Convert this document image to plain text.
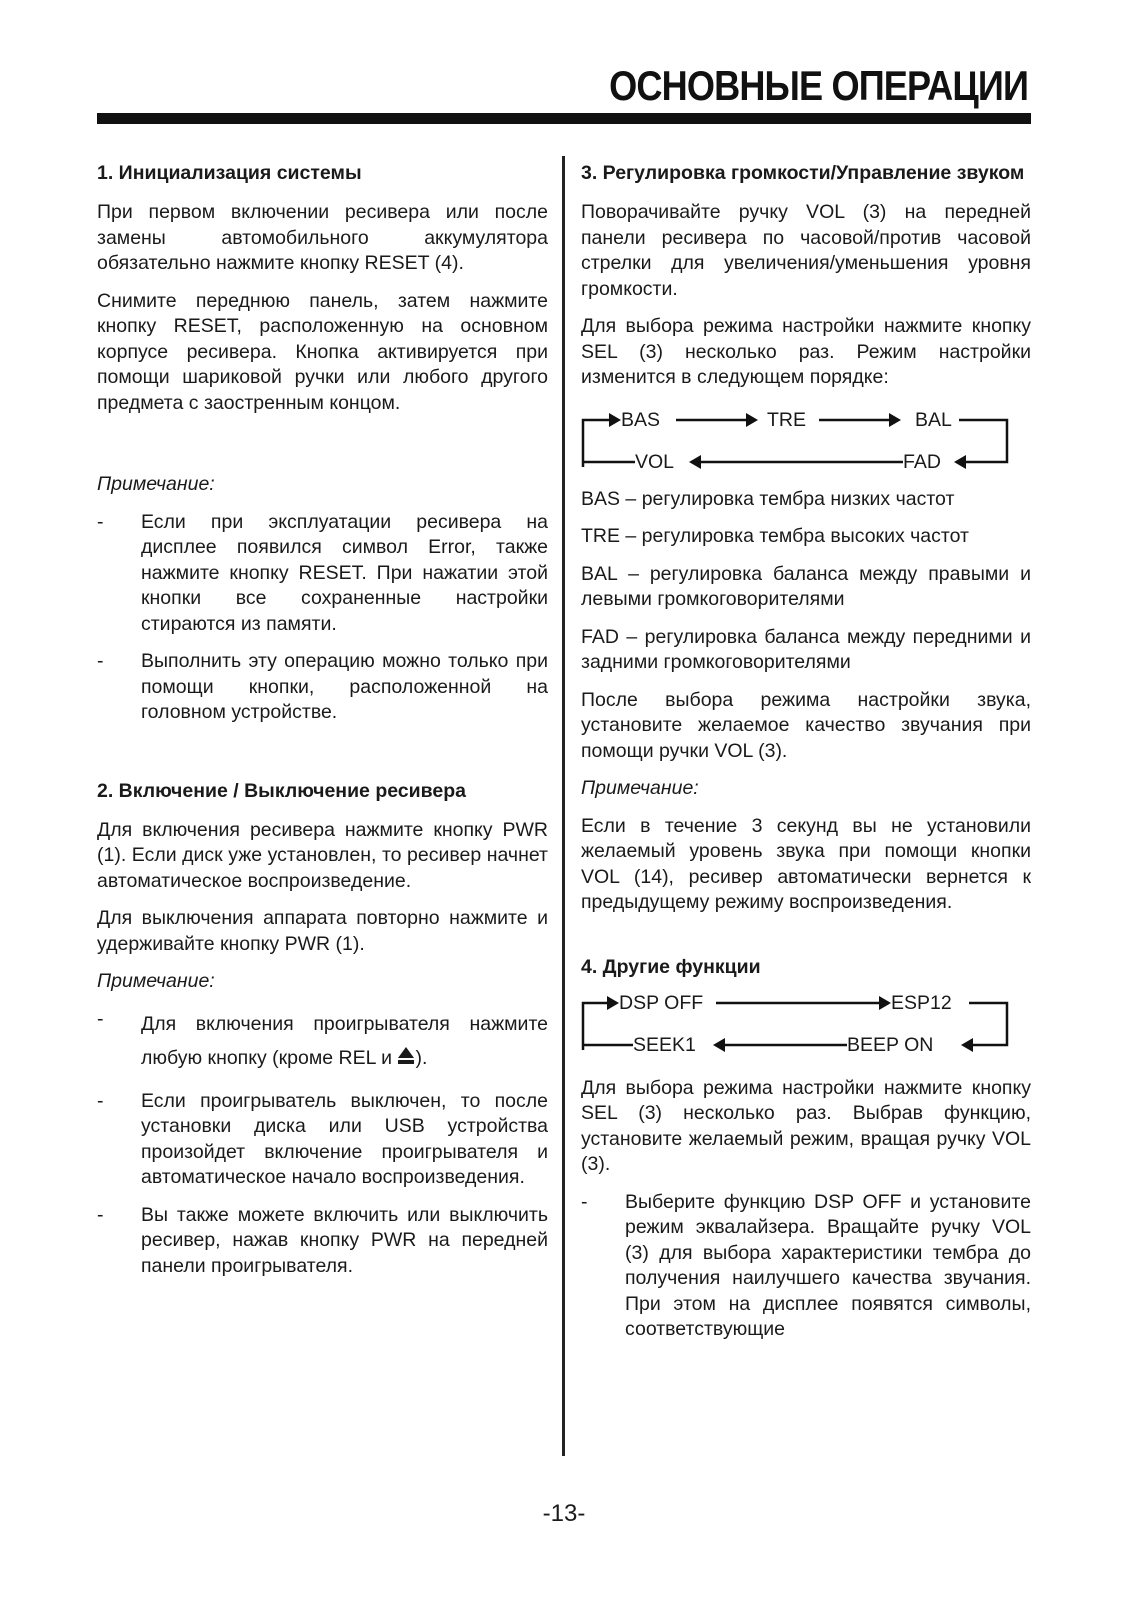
ОСНОВНЫЕ ОПЕРАЦИИ
1. Инициализация системы

При первом включении ресивера или после замены автомобильного аккумулятора обязательно нажмите кнопку RESET (4).

Снимите переднюю панель, затем нажмите кнопку RESET, расположенную на основном корпусе ресивера. Кнопка активируется при помощи шариковой ручки или любого другого предмета с заостренным концом.

Примечание:

-	Если при эксплуатации ресивера на дисплее появился символ Error, также нажмите кнопку RESET. При нажатии этой кнопки все сохраненные настройки стираются из памяти.
-	Выполнить эту операцию можно только при помощи кнопки, расположенной на головном устройстве.
2. Включение / Выключение ресивера

Для включения ресивера нажмите кнопку PWR (1). Если диск уже установлен, то ресивер начнет автоматическое воспроизведение.

Для выключения аппарата повторно нажмите и удерживайте кнопку PWR (1).

Примечание:

-	Для включения проигрывателя нажмите любую кнопку (кроме REL и ).
-	Если проигрыватель выключен, то после установки диска или USB устройства произойдет включение проигрывателя и автоматическое начало воспроизведения.
-	Вы также можете включить или выключить ресивер, нажав кнопку PWR на передней панели проигрывателя.
3. Регулировка громкости/Управление звуком

Поворачивайте ручку VOL (3) на передней панели ресивера по часовой/против часовой стрелки для увеличения/уменьшения уровня громкости.

Для выбора режима настройки нажмите кнопку SEL (3) несколько раз. Режим настройки изменится в следующем порядке:

BAS	TRE	BAL
VOL	FAD

BAS – регулировка тембра низких частот

TRE – регулировка тембра высоких частот

BAL – регулировка баланса между правыми и левыми громкоговорителями

FAD – регулировка баланса между передними и задними громкоговорителями

После выбора режима настройки звука, установите желаемое качество звучания при помощи ручки VOL (3).

Примечание:

Если в течение 3 секунд вы не установили желаемый уровень звука при помощи кнопки VOL (14), ресивер автоматически вернется к предыдущему режиму воспроизведения.

4. Другие функции
DSP OFF	ESP12
SEEK1	BEEP ON

Для выбора режима настройки нажмите кнопку SEL (3) несколько раз. Выбрав функцию, установите желаемый режим, вращая ручку VOL (3).

-	Выберите функцию DSP OFF и установите режим эквалайзера. Вращайте ручку VOL (3) для выбора характеристики тембра до получения наилучшего качества звучания. При этом на дисплее появятся символы, соответствующие
-13-
